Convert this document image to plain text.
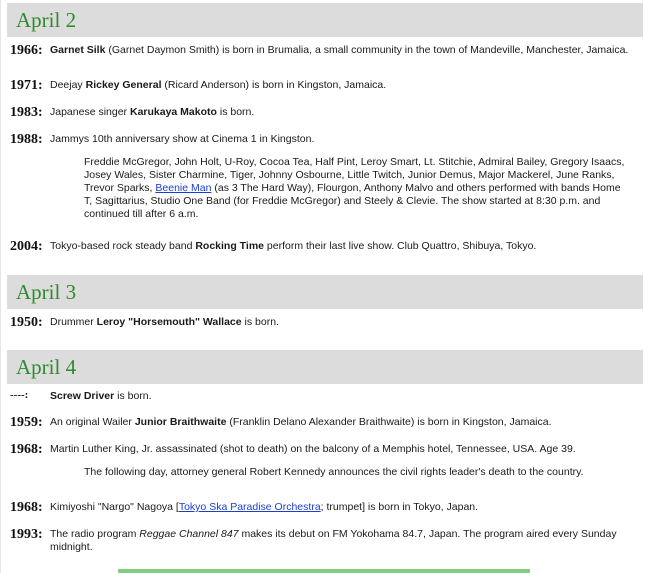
April 2
1966: Garnet Silk (Garnet Daymon Smith) is born in Brumalia, a small community in the town of Mandeville, Manchester, Jamaica.
1971: Deejay Rickey General (Ricard Anderson) is born in Kingston, Jamaica.
1983: Japanese singer Karukaya Makoto is born.
1988: Jammys 10th anniversary show at Cinema 1 in Kingston.
Freddie McGregor, John Holt, U-Roy, Cocoa Tea, Half Pint, Leroy Smart, Lt. Stitchie, Admiral Bailey, Gregory Isaacs, Josey Wales, Sister Charmine, Tiger, Johnny Osbourne, Little Twitch, Junior Demus, Major Mackerel, June Ranks, Trevor Sparks, Beenie Man (as 3 The Hard Way), Flourgon, Anthony Malvo and others performed with bands Home T, Sagittarius, Studio One Band (for Freddie McGregor) and Steely & Clevie. The show started at 8:30 p.m. and continued till after 6 a.m.
2004: Tokyo-based rock steady band Rocking Time perform their last live show. Club Quattro, Shibuya, Tokyo.
April 3
1950: Drummer Leroy "Horsemouth" Wallace is born.
April 4
----:	Screw Driver is born.
1959: An original Wailer Junior Braithwaite (Franklin Delano Alexander Braithwaite) is born in Kingston, Jamaica.
1968: Martin Luther King, Jr. assassinated (shot to death) on the balcony of a Memphis hotel, Tennessee, USA. Age 39.
The following day, attorney general Robert Kennedy announces the civil rights leader's death to the country.
1968: Kimiyoshi "Nargo" Nagoya [Tokyo Ska Paradise Orchestra; trumpet] is born in Tokyo, Japan.
1993: The radio program Reggae Channel 847 makes its debut on FM Yokohama 84.7, Japan. The program aired every Sunday midnight.
